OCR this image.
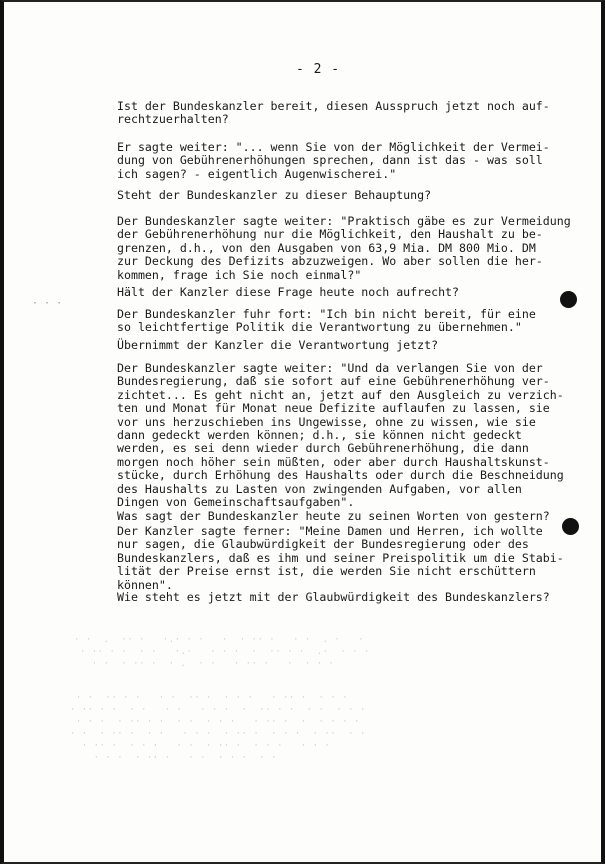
- 2 -
Ist der Bundeskanzler bereit, diesen Ausspruch jetzt noch auf-
rechtzuerhalten?
Er sagte weiter: "... wenn Sie von der Möglichkeit der Vermei-
dung von Gebührenerhöhungen sprechen, dann ist das - was soll
ich sagen? - eigentlich Augenwischerei."
Steht der Bundeskanzler zu dieser Behauptung?
Der Bundeskanzler sagte weiter: "Praktisch gäbe es zur Vermeidung
der Gebührenerhöhung nur die Möglichkeit, den Haushalt zu be-
grenzen, d.h., von den Ausgaben von 63,9 Mia. DM 800 Mio. DM
zur Deckung des Defizits abzuzweigen. Wo aber sollen die her-
kommen, frage ich Sie noch einmal?"
Hält der Kanzler diese Frage heute noch aufrecht?
Der Bundeskanzler fuhr fort: "Ich bin nicht bereit, für eine
so leichtfertige Politik die Verantwortung zu übernehmen."
Übernimmt der Kanzler die Verantwortung jetzt?
Der Bundeskanzler sagte weiter: "Und da verlangen Sie von der
Bundesregierung, daß sie sofort auf eine Gebührenerhöhung ver-
zichtet... Es geht nicht an, jetzt auf den Ausgleich zu verzich-
ten und Monat für Monat neue Defizite auflaufen zu lassen, sie
vor uns herzuschieben ins Ungewisse, ohne zu wissen, wie sie
dann gedeckt werden können; d.h., sie können nicht gedeckt
werden, es sei denn wieder durch Gebührenerhöhung, die dann
morgen noch höher sein müßten, oder aber durch Haushaltskunst-
stücke, durch Erhöhung des Haushalts oder durch die Beschneidung
des Haushalts zu Lasten von zwingenden Aufgaben, vor allen
Dingen von Gemeinschaftsaufgaben".
Was sagt der Bundeskanzler heute zu seinen Worten von gestern?
Der Kanzler sagte ferner: "Meine Damen und Herren, ich wollte
nur sagen, die Glaubwürdigkeit der Bundesregierung oder des
Bundeskanzlers, daß es ihm und seiner Preispolitik um die Stabi-
lität der Preise ernst ist, die werden Sie nicht erschüttern
können".
Wie steht es jetzt mit der Glaubwürdigkeit des Bundeskanzlers?
· · ·
· ·  .  ·· ·   ·.· · ·   ·  · ·· ·   · ·  . ·   ·
· ·· · ·  · ·   ·.·   · · ·  ·  ·· · ·  .·  · · ·
· ·  · ·· ·  · .  · ·   · ·· ·   ·  · · ·
· ·  ·· · ·   · ·  ·· ·  · · ·   · ·· ·  · · ·
· ·· · ·  · ·   · ·   · · ·  ·  ·· · ·  · ·  · · ·
· · ·  · ·· · ·  · ·  · · ·   · ·· ·  ·  · · · ·
· ·  · ·· ·  · ·   · · ·  · ·· ·  · · ·  · ··  · ·
· ·· ·  · · ·   · ·  · ·· ·  · · ·   · · ·
· · ·  · ·· ·   · ·  · · ·  · ·
